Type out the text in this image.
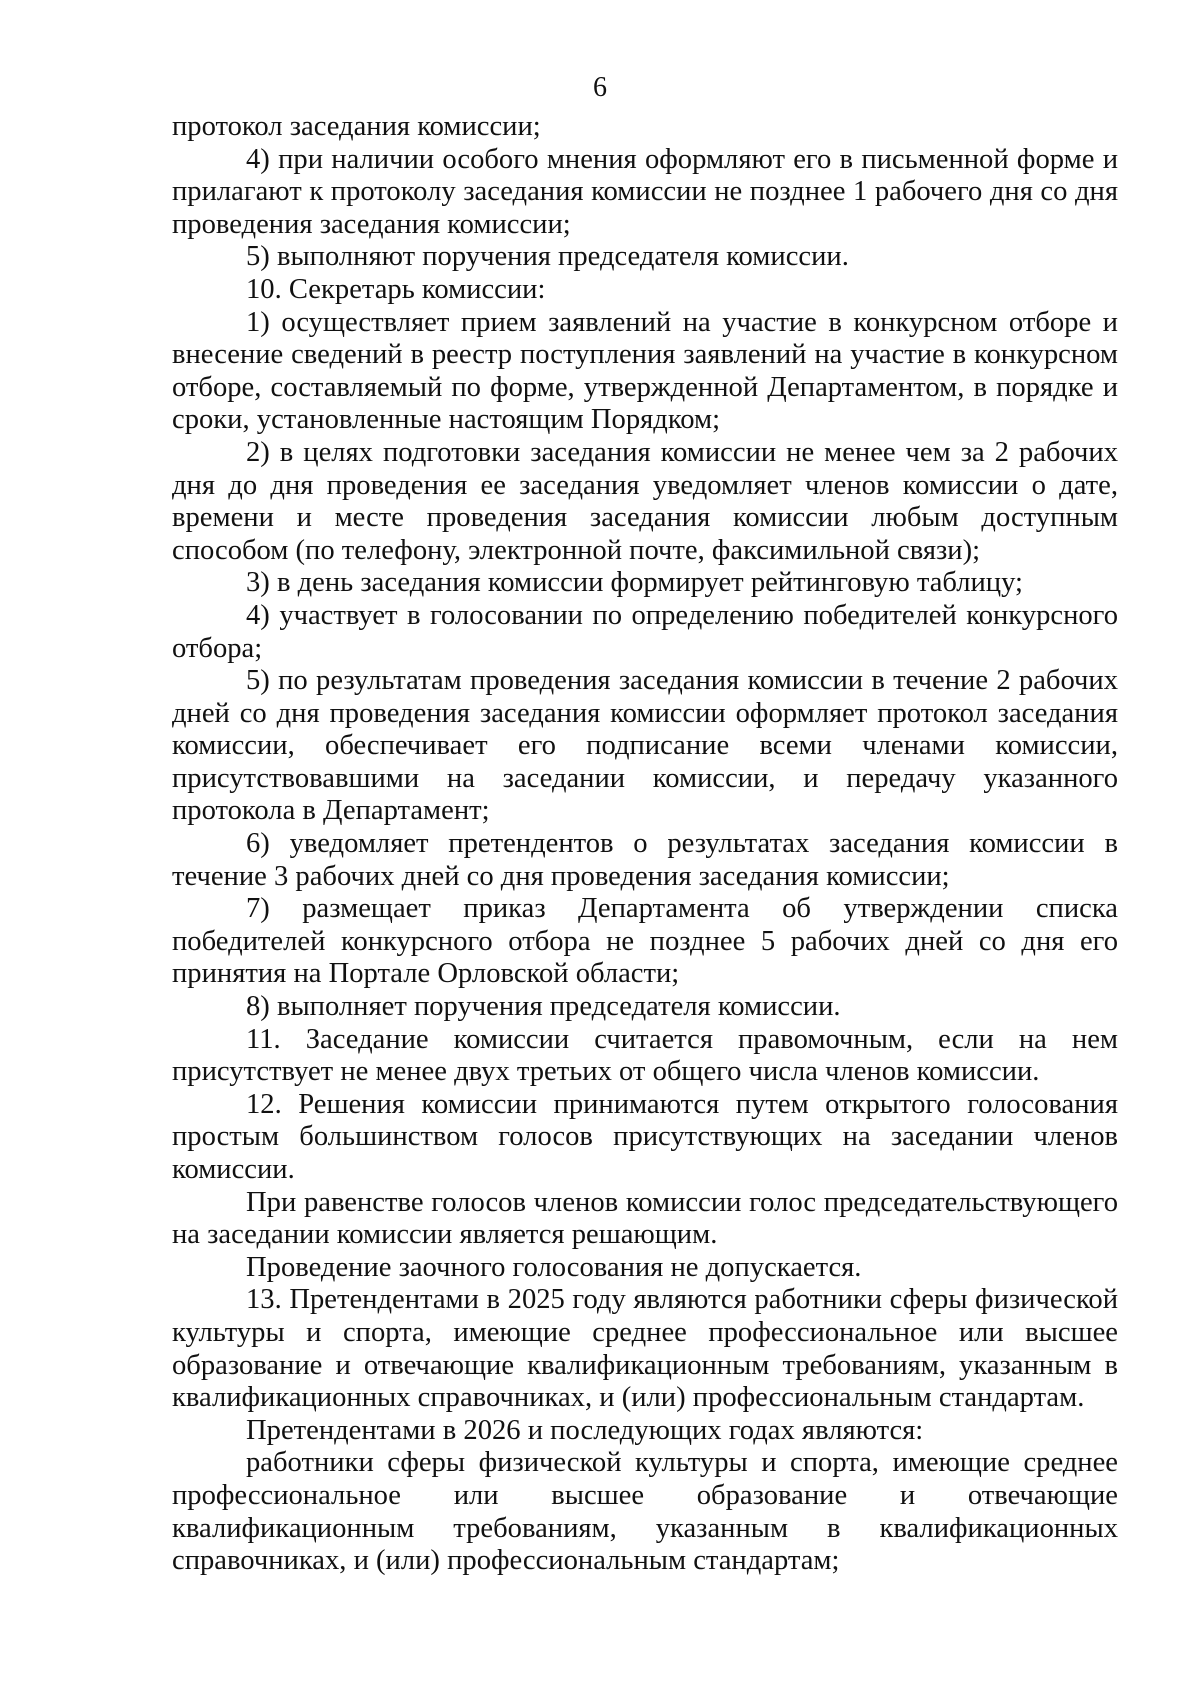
6

протокол заседания комиссии;

4) при наличии особого мнения оформляют его в письменной форме и прилагают к протоколу заседания комиссии не позднее 1 рабочего дня со дня проведения заседания комиссии;

5) выполняют поручения председателя комиссии.

10. Секретарь комиссии:

1) осуществляет прием заявлений на участие в конкурсном отборе и внесение сведений в реестр поступления заявлений на участие в конкурсном отборе, составляемый по форме, утвержденной Департаментом, в порядке и сроки, установленные настоящим Порядком;

2) в целях подготовки заседания комиссии не менее чем за 2 рабочих дня до дня проведения ее заседания уведомляет членов комиссии о дате, времени и месте проведения заседания комиссии любым доступным способом (по телефону, электронной почте, факсимильной связи);

3) в день заседания комиссии формирует рейтинговую таблицу;

4) участвует в голосовании по определению победителей конкурсного отбора;

5) по результатам проведения заседания комиссии в течение 2 рабочих дней со дня проведения заседания комиссии оформляет протокол заседания комиссии, обеспечивает его подписание всеми членами комиссии, присутствовавшими на заседании комиссии, и передачу указанного протокола в Департамент;

6) уведомляет претендентов о результатах заседания комиссии в течение 3 рабочих дней со дня проведения заседания комиссии;

7) размещает приказ Департамента об утверждении списка победителей конкурсного отбора не позднее 5 рабочих дней со дня его принятия на Портале Орловской области;

8) выполняет поручения председателя комиссии.

11. Заседание комиссии считается правомочным, если на нем присутствует не менее двух третьих от общего числа членов комиссии.

12. Решения комиссии принимаются путем открытого голосования простым большинством голосов присутствующих на заседании членов комиссии.

При равенстве голосов членов комиссии голос председательствующего на заседании комиссии является решающим.

Проведение заочного голосования не допускается.

13. Претендентами в 2025 году являются работники сферы физической культуры и спорта, имеющие среднее профессиональное или высшее образование и отвечающие квалификационным требованиям, указанным в квалификационных справочниках, и (или) профессиональным стандартам.

Претендентами в 2026 и последующих годах являются:

работники сферы физической культуры и спорта, имеющие среднее профессиональное или высшее образование и отвечающие квалификационным требованиям, указанным в квалификационных справочниках, и (или) профессиональным стандартам;
